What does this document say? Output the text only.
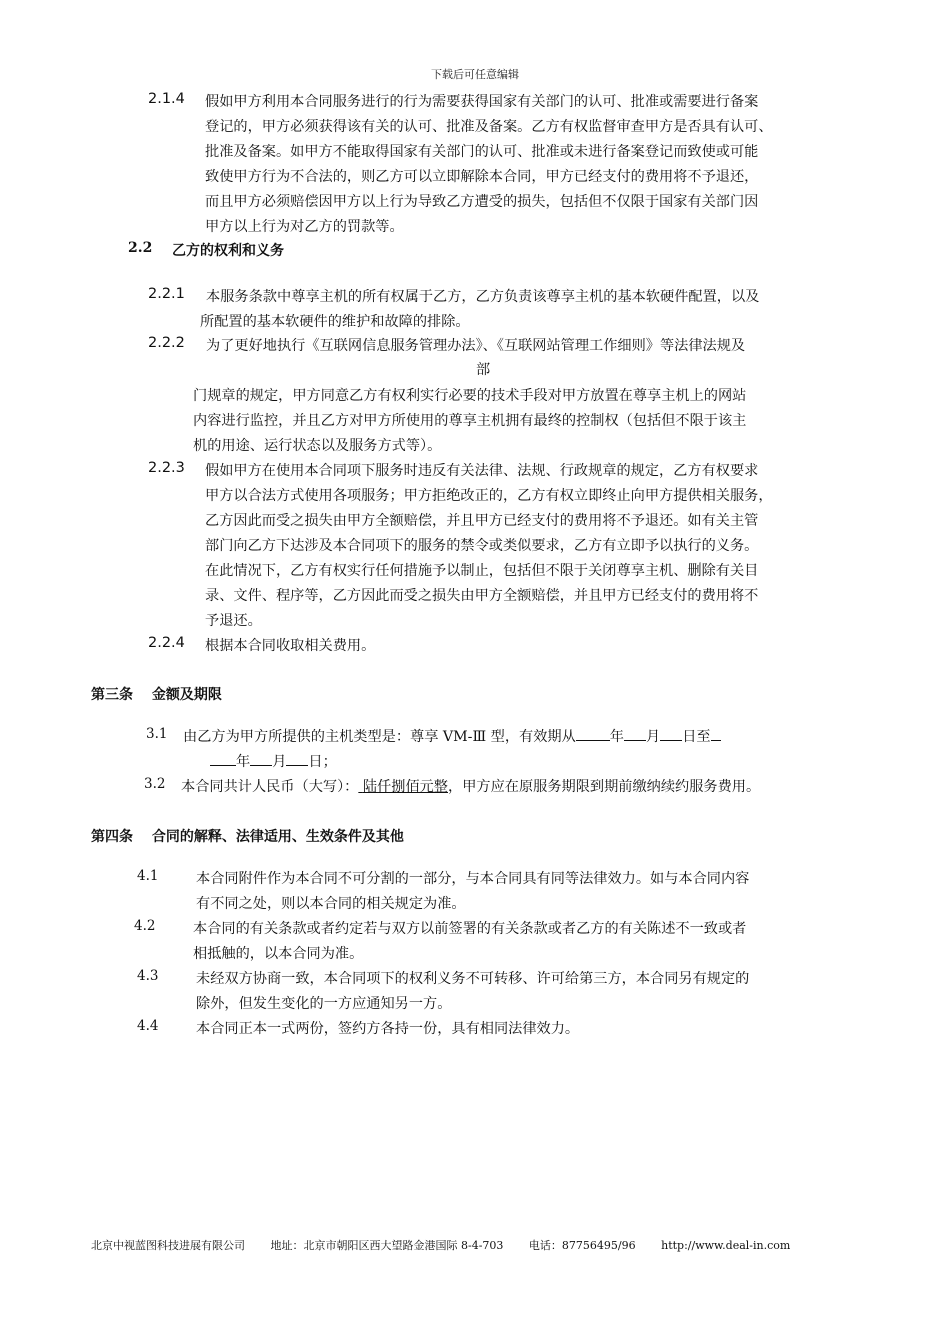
下载后可任意编辑
2.1.4 假如甲方利用本合同服务进行的行为需要获得国家有关部门的认可、批准或需要进行备案
登记的，甲方必须获得该有关的认可、批准及备案。乙方有权监督审查甲方是否具有认可、
批准及备案。如甲方不能取得国家有关部门的认可、批准或未进行备案登记而致使或可能
致使甲方行为不合法的，则乙方可以立即解除本合同，甲方已经支付的费用将不予退还，
而且甲方必须赔偿因甲方以上行为导致乙方遭受的损失，包括但不仅限于国家有关部门因
甲方以上行为对乙方的罚款等。
2.2 乙方的权利和义务
2.2.1 本服务条款中尊享主机的所有权属于乙方，乙方负责该尊享主机的基本软硬件配置，以及
所配置的基本软硬件的维护和故障的排除。
2.2.2 为了更好地执行《互联网信息服务管理办法》、《互联网站管理工作细则》等法律法规及
部
门规章的规定，甲方同意乙方有权利实行必要的技术手段对甲方放置在尊享主机上的网站
内容进行监控，并且乙方对甲方所使用的尊享主机拥有最终的控制权（包括但不限于该主
机的用途、运行状态以及服务方式等）。
2.2.3 假如甲方在使用本合同项下服务时违反有关法律、法规、行政规章的规定，乙方有权要求
甲方以合法方式使用各项服务；甲方拒绝改正的，乙方有权立即终止向甲方提供相关服务，
乙方因此而受之损失由甲方全额赔偿，并且甲方已经支付的费用将不予退还。如有关主管
部门向乙方下达涉及本合同项下的服务的禁令或类似要求，乙方有立即予以执行的义务。
在此情况下，乙方有权实行任何措施予以制止，包括但不限于关闭尊享主机、删除有关目
录、文件、程序等，乙方因此而受之损失由甲方全额赔偿，并且甲方已经支付的费用将不
予退还。
2.2.4 根据本合同收取相关费用。
第三条　 金额及期限
3.1 由乙方为甲方所提供的主机类型是：尊享 VM-Ⅲ 型，有效期从 年 月 日至
年 月 日；
3.2 本合同共计人民币（大写）： 陆仟捌佰元整，甲方应在原服务期限到期前缴纳续约服务费用。
第四条　 合同的解释、法律适用、生效条件及其他
4.1	本合同附件作为本合同不可分割的一部分，与本合同具有同等法律效力。如与本合同内容
有不同之处，则以本合同的相关规定为准。
4.2	本合同的有关条款或者约定若与双方以前签署的有关条款或者乙方的有关陈述不一致或者
相抵触的，以本合同为准。
4.3	未经双方协商一致，本合同项下的权利义务不可转移、许可给第三方，本合同另有规定的
除外，但发生变化的一方应通知另一方。
4.4	本合同正本一式两份，签约方各持一份，具有相同法律效力。
北京中视蓝图科技进展有限公司 地址：北京市朝阳区西大望路金港国际 8-4-703 电话：87756495/96 http://www.deal-in.com
